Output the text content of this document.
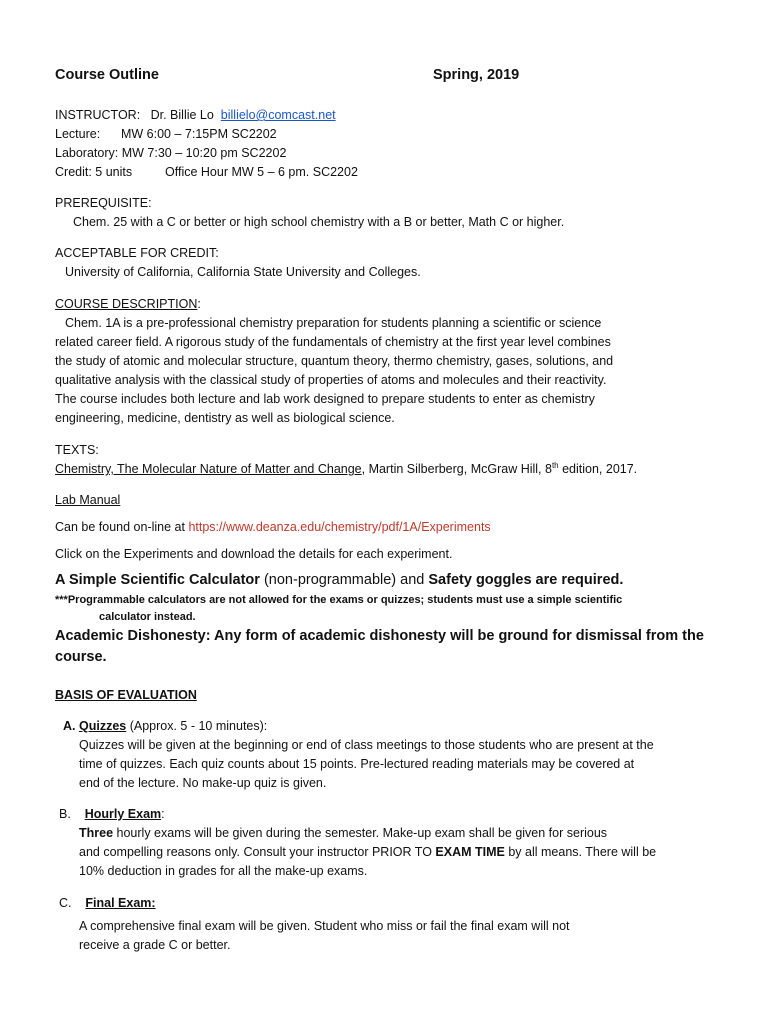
Course Outline	Spring, 2019
INSTRUCTOR: Dr. Billie Lo billielo@comcast.net
Lecture: MW 6:00 – 7:15PM SC2202
Laboratory: MW 7:30 – 10:20 pm SC2202
Credit: 5 units	Office Hour MW 5 – 6 pm. SC2202
PREREQUISITE:
Chem. 25 with a C or better or high school chemistry with a B or better, Math C or higher.
ACCEPTABLE FOR CREDIT:
University of California, California State University and Colleges.
COURSE DESCRIPTION:
Chem. 1A is a pre-professional chemistry preparation for students planning a scientific or science
related career field. A rigorous study of the fundamentals of chemistry at the first year level combines
the study of atomic and molecular structure, quantum theory, thermo chemistry, gases, solutions, and
qualitative analysis with the classical study of properties of atoms and molecules and their reactivity.
The course includes both lecture and lab work designed to prepare students to enter as chemistry
engineering, medicine, dentistry as well as biological science.
TEXTS:
Chemistry, The Molecular Nature of Matter and Change, Martin Silberberg, McGraw Hill, 8th edition, 2017.
Lab Manual
Can be found on-line at https://www.deanza.edu/chemistry/pdf/1A/Experiments
Click on the Experiments and download the details for each experiment.
A Simple Scientific Calculator (non-programmable) and Safety goggles are required.
***Programmable calculators are not allowed for the exams or quizzes; students must use a simple scientific
calculator instead.
Academic Dishonesty: Any form of academic dishonesty will be ground for dismissal from the
course.
BASIS OF EVALUATION
A. Quizzes (Approx. 5 - 10 minutes):
Quizzes will be given at the beginning or end of class meetings to those students who are present at the
time of quizzes. Each quiz counts about 15 points. Pre-lectured reading materials may be covered at
end of the lecture. No make-up quiz is given.
B. Hourly Exam:
Three hourly exams will be given during the semester. Make-up exam shall be given for serious
and compelling reasons only. Consult your instructor PRIOR TO EXAM TIME by all means. There will be
10% deduction in grades for all the make-up exams.
C. Final Exam:
A comprehensive final exam will be given. Student who miss or fail the final exam will not
receive a grade C or better.
